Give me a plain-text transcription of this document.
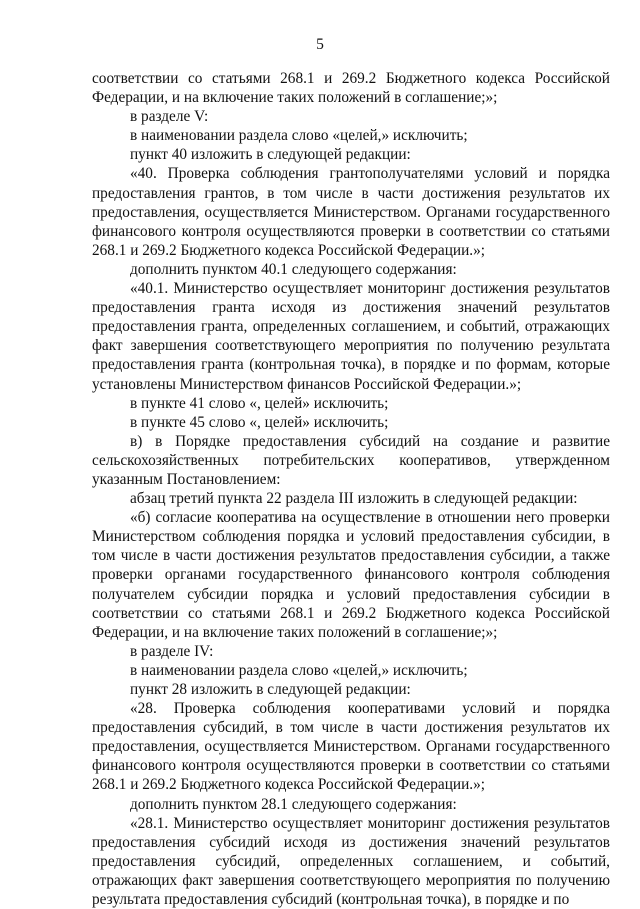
5

соответствии со статьями 268.1 и 269.2 Бюджетного кодекса Российской Федерации, и на включение таких положений в соглашение;»;

в разделе V:

в наименовании раздела слово «целей,» исключить;

пункт 40 изложить в следующей редакции:

«40. Проверка соблюдения грантополучателями условий и порядка предоставления грантов, в том числе в части достижения результатов их предоставления, осуществляется Министерством. Органами государственного финансового контроля осуществляются проверки в соответствии со статьями 268.1 и 269.2 Бюджетного кодекса Российской Федерации.»;

дополнить пунктом 40.1 следующего содержания:

«40.1. Министерство осуществляет мониторинг достижения результатов предоставления гранта исходя из достижения значений результатов предоставления гранта, определенных соглашением, и событий, отражающих факт завершения соответствующего мероприятия по получению результата предоставления гранта (контрольная точка), в порядке и по формам, которые установлены Министерством финансов Российской Федерации.»;

в пункте 41 слово «, целей» исключить;

в пункте 45 слово «, целей» исключить;

в) в Порядке предоставления субсидий на создание и развитие сельскохозяйственных потребительских кооперативов, утвержденном указанным Постановлением:

абзац третий пункта 22 раздела III изложить в следующей редакции:

«б) согласие кооператива на осуществление в отношении него проверки Министерством соблюдения порядка и условий предоставления субсидии, в том числе в части достижения результатов предоставления субсидии, а также проверки органами государственного финансового контроля соблюдения получателем субсидии порядка и условий предоставления субсидии в соответствии со статьями 268.1 и 269.2 Бюджетного кодекса Российской Федерации, и на включение таких положений в соглашение;»;

в разделе IV:

в наименовании раздела слово «целей,» исключить;

пункт 28 изложить в следующей редакции:

«28. Проверка соблюдения кооперативами условий и порядка предоставления субсидий, в том числе в части достижения результатов их предоставления, осуществляется Министерством. Органами государственного финансового контроля осуществляются проверки в соответствии со статьями 268.1 и 269.2 Бюджетного кодекса Российской Федерации.»;

дополнить пунктом 28.1 следующего содержания:

«28.1. Министерство осуществляет мониторинг достижения результатов предоставления субсидий исходя из достижения значений результатов предоставления субсидий, определенных соглашением, и событий, отражающих факт завершения соответствующего мероприятия по получению результата предоставления субсидий (контрольная точка), в порядке и по
